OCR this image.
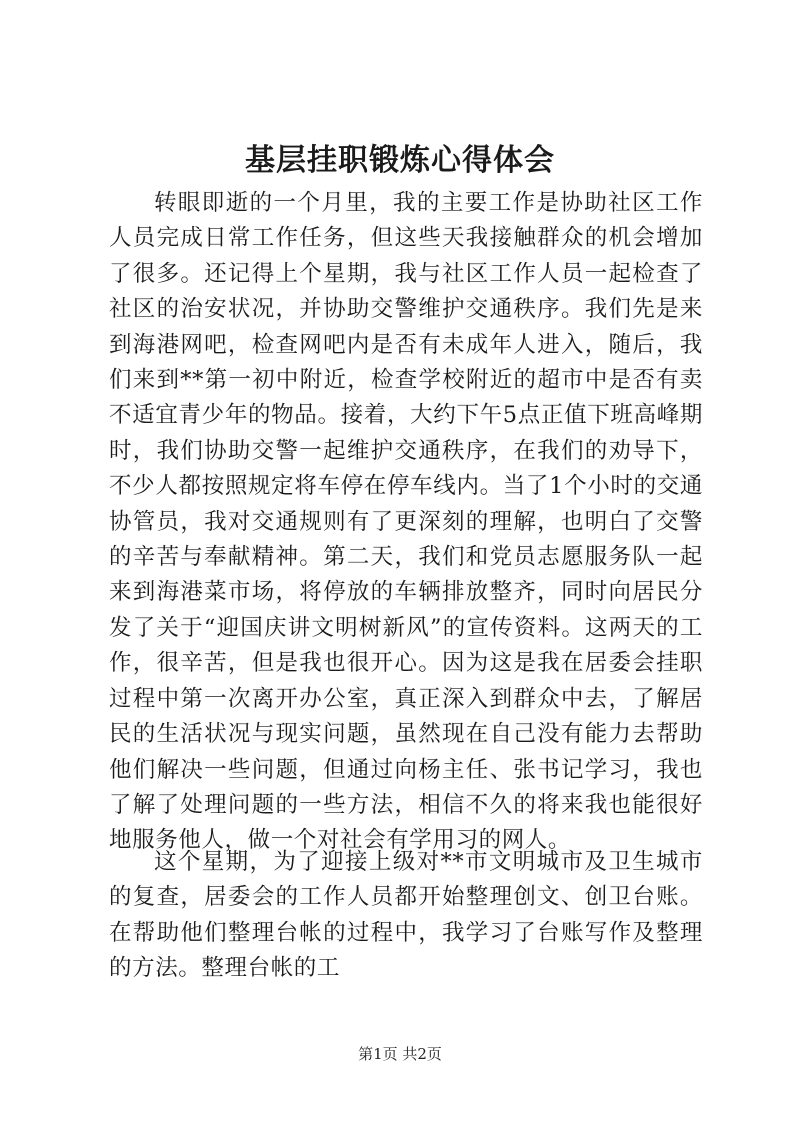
基层挂职锻炼心得体会

转眼即逝的一个月里，我的主要工作是协助社区工作人员完成日常工作任务，但这些天我接触群众的机会增加了很多。还记得上个星期，我与社区工作人员一起检查了社区的治安状况，并协助交警维护交通秩序。我们先是来到海港网吧，检查网吧内是否有未成年人进入，随后，我们来到**第一初中附近，检查学校附近的超市中是否有卖不适宜青少年的物品。接着，大约下午5点正值下班高峰期时，我们协助交警一起维护交通秩序，在我们的劝导下，不少人都按照规定将车停在停车线内。当了1个小时的交通协管员，我对交通规则有了更深刻的理解，也明白了交警的辛苦与奉献精神。第二天，我们和党员志愿服务队一起来到海港菜市场，将停放的车辆排放整齐，同时向居民分发了关于“迎国庆讲文明树新风”的宣传资料。这两天的工作，很辛苦，但是我也很开心。因为这是我在居委会挂职过程中第一次离开办公室，真正深入到群众中去，了解居民的生活状况与现实问题，虽然现在自己没有能力去帮助他们解决一些问题，但通过向杨主任、张书记学习，我也了解了处理问题的一些方法，相信不久的将来我也能很好地服务他人，做一个对社会有学用习的网人。

这个星期，为了迎接上级对**市文明城市及卫生城市的复查，居委会的工作人员都开始整理创文、创卫台账。在帮助他们整理台帐的过程中，我学习了台账写作及整理的方法。整理台帐的工

第1页 共2页
